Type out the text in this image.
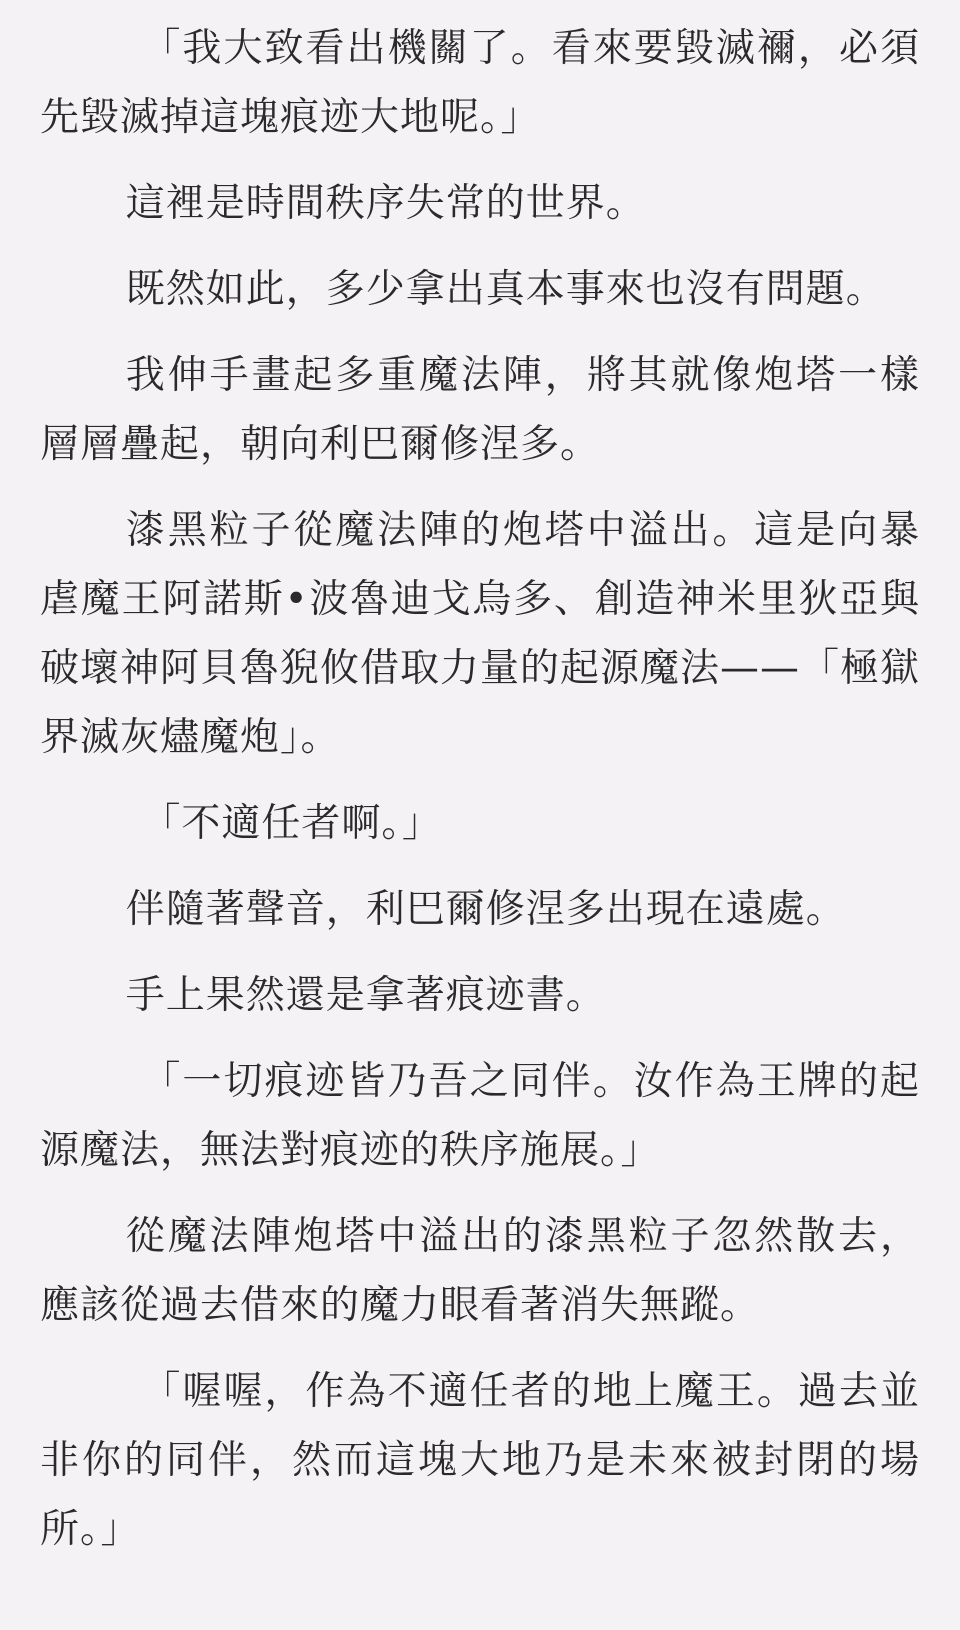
「我大致看出機關了。看來要毀滅禰，必須先毀滅掉這塊痕迹大地呢。」

這裡是時間秩序失常的世界。

既然如此，多少拿出真本事來也沒有問題。

我伸手畫起多重魔法陣，將其就像炮塔一樣層層疊起，朝向利巴爾修涅多。

漆黑粒子從魔法陣的炮塔中溢出。這是向暴虐魔王阿諾斯•波魯迪戈烏多、創造神米里狄亞與破壞神阿貝魯猊攸借取力量的起源魔法——「極獄界滅灰燼魔炮」。

「不適任者啊。」

伴隨著聲音，利巴爾修涅多出現在遠處。

手上果然還是拿著痕迹書。

「一切痕迹皆乃吾之同伴。汝作為王牌的起源魔法，無法對痕迹的秩序施展。」

從魔法陣炮塔中溢出的漆黑粒子忽然散去，應該從過去借來的魔力眼看著消失無蹤。

「喔喔，作為不適任者的地上魔王。過去並非你的同伴，然而這塊大地乃是未來被封閉的場所。」
